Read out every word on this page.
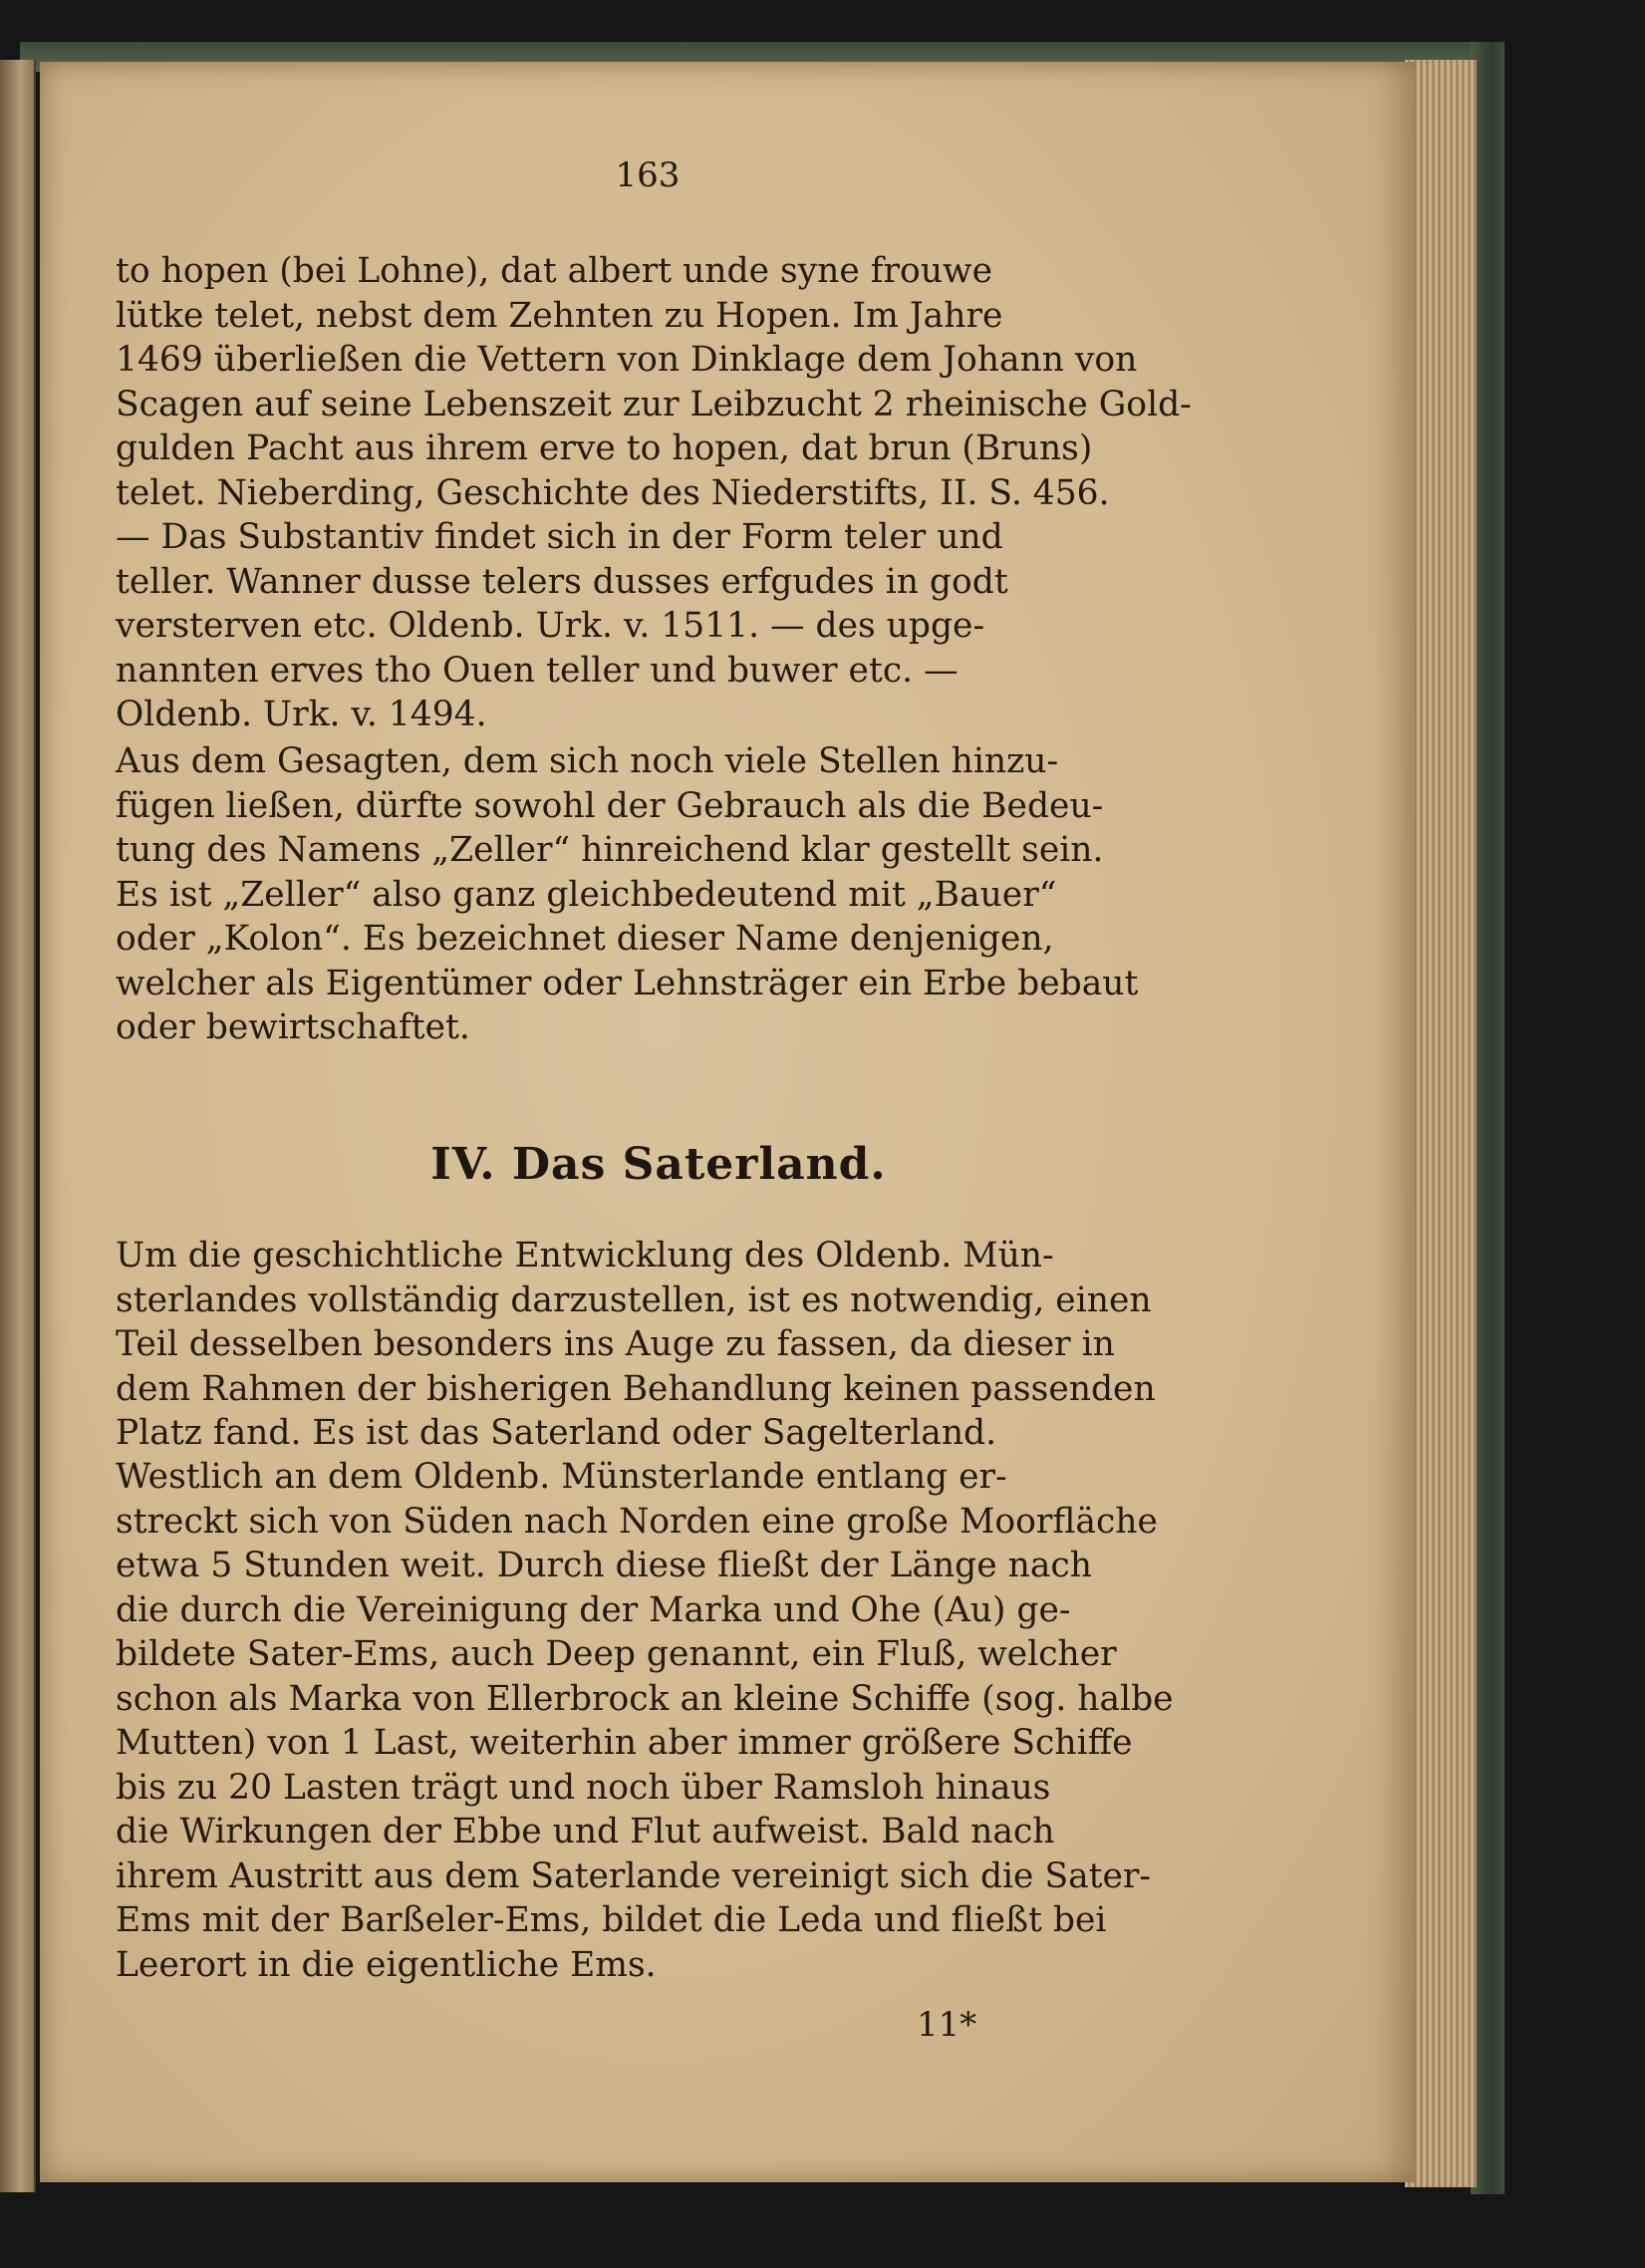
163
to hopen (bei Lohne), dat albert unde syne frouwe
lütke telet, nebst dem Zehnten zu Hopen. Im Jahre
1469 überließen die Vettern von Dinklage dem Johann von
Scagen auf seine Lebenszeit zur Leibzucht 2 rheinische Gold-
gulden Pacht aus ihrem erve to hopen, dat brun (Bruns)
telet. Nieberding, Geschichte des Niederstifts, II. S. 456.
— Das Substantiv findet sich in der Form teler und
teller. Wanner dusse telers dusses erfgudes in godt
versterven etc. Oldenb. Urk. v. 1511. — des upge-
nannten erves tho Ouen teller und buwer etc. —
Oldenb. Urk. v. 1494.
Aus dem Gesagten, dem sich noch viele Stellen hinzu-
fügen ließen, dürfte sowohl der Gebrauch als die Bedeu-
tung des Namens „Zeller“ hinreichend klar gestellt sein.
Es ist „Zeller“ also ganz gleichbedeutend mit „Bauer“
oder „Kolon“. Es bezeichnet dieser Name denjenigen,
welcher als Eigentümer oder Lehnsträger ein Erbe bebaut
oder bewirtschaftet.
IV. Das Saterland.
Um die geschichtliche Entwicklung des Oldenb. Mün-
sterlandes vollständig darzustellen, ist es notwendig, einen
Teil desselben besonders ins Auge zu fassen, da dieser in
dem Rahmen der bisherigen Behandlung keinen passenden
Platz fand. Es ist das Saterland oder Sagelterland.
Westlich an dem Oldenb. Münsterlande entlang er-
streckt sich von Süden nach Norden eine große Moorfläche
etwa 5 Stunden weit. Durch diese fließt der Länge nach
die durch die Vereinigung der Marka und Ohe (Au) ge-
bildete Sater-Ems, auch Deep genannt, ein Fluß, welcher
schon als Marka von Ellerbrock an kleine Schiffe (sog. halbe
Mutten) von 1 Last, weiterhin aber immer größere Schiffe
bis zu 20 Lasten trägt und noch über Ramsloh hinaus
die Wirkungen der Ebbe und Flut aufweist. Bald nach
ihrem Austritt aus dem Saterlande vereinigt sich die Sater-
Ems mit der Barßeler-Ems, bildet die Leda und fließt bei
Leerort in die eigentliche Ems.
11*
